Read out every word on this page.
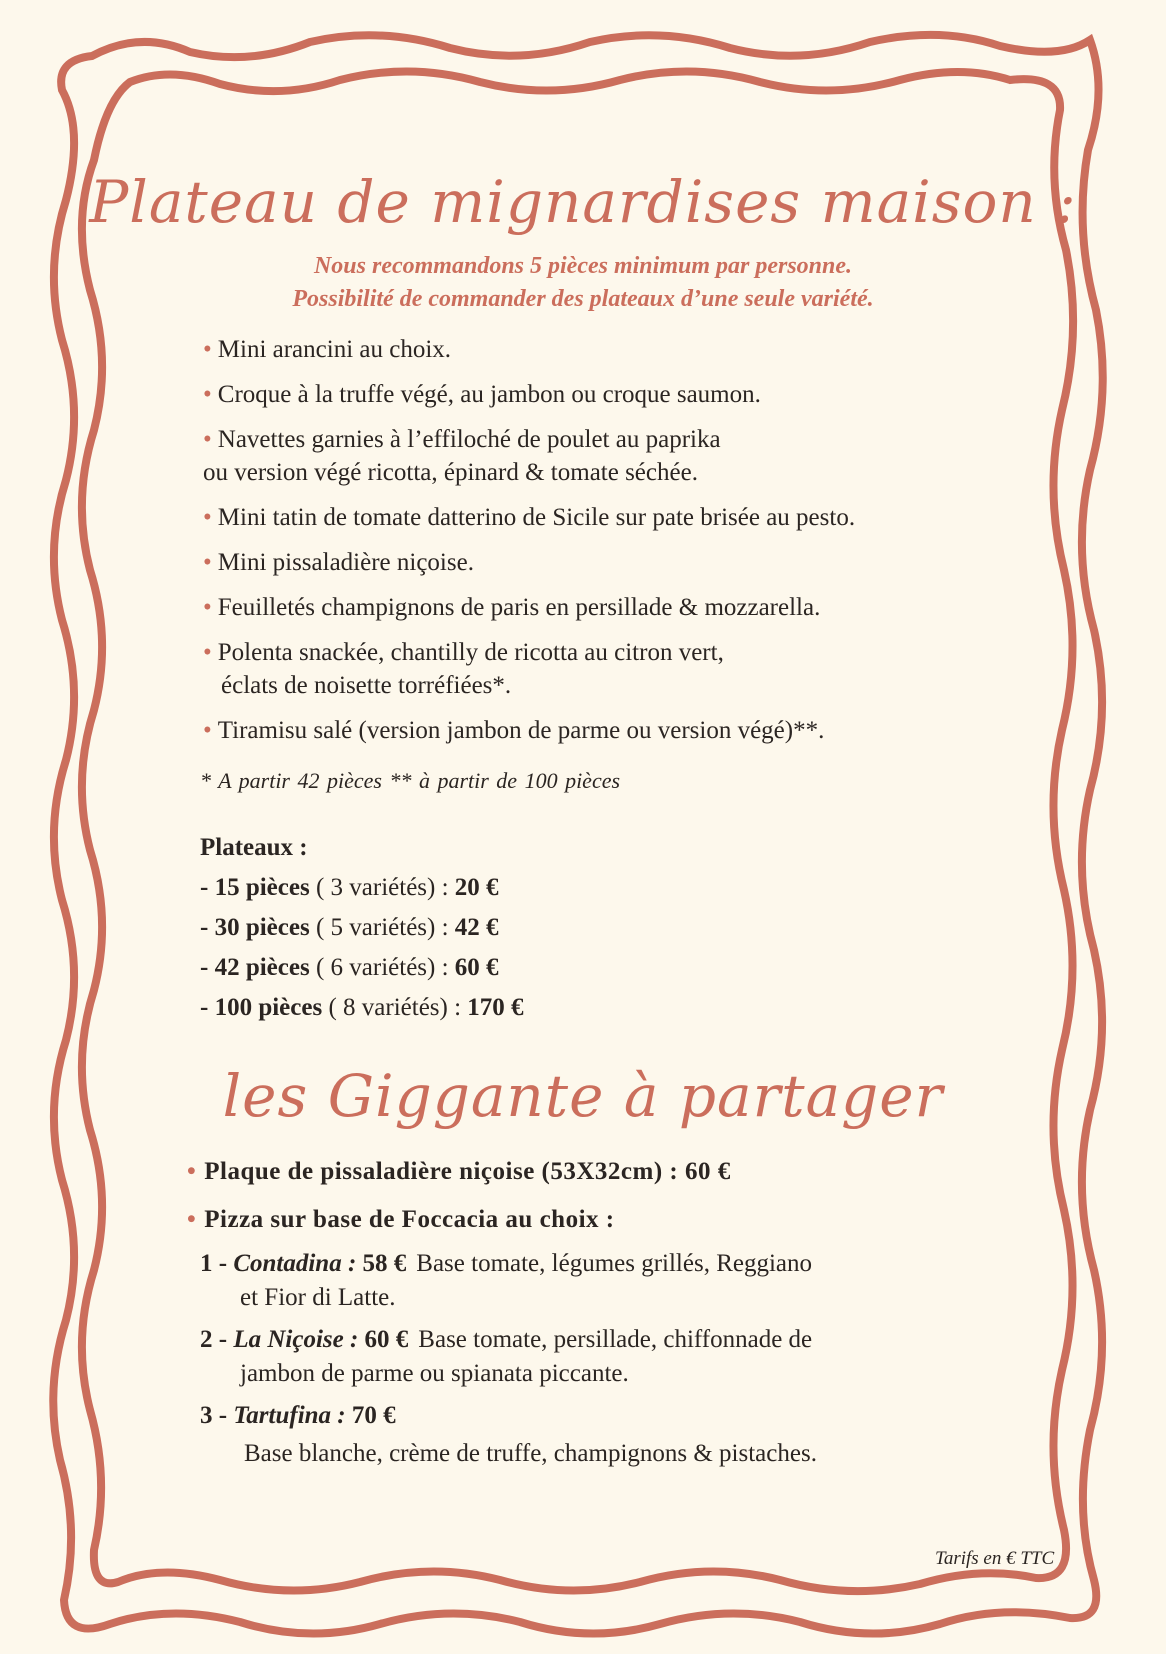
Plateau de mignardises maison :
Nous recommandons 5 pièces minimum par personne.
Possibilité de commander des plateaux d’une seule variété.
• Mini arancini au choix.
• Croque à la truffe végé, au jambon ou croque saumon.
• Navettes garnies à l’effiloché de poulet au paprika
ou version végé ricotta, épinard & tomate séchée.
• Mini tatin de tomate datterino de Sicile sur pate brisée au pesto.
• Mini pissaladière niçoise.
• Feuilletés champignons de paris en persillade & mozzarella.
• Polenta snackée, chantilly de ricotta au citron vert,
éclats de noisette torréfiées*.
• Tiramisu salé (version jambon de parme ou version végé)**.
* A partir 42 pièces ** à partir de 100 pièces
Plateaux :
- 15 pièces ( 3 variétés) : 20 €
- 30 pièces ( 5 variétés) : 42 €
- 42 pièces ( 6 variétés) : 60 €
- 100 pièces ( 8 variétés) : 170 €
les Giggante à partager
• Plaque de pissaladière niçoise (53X32cm) : 60 €
• Pizza sur base de Foccacia au choix :
1 - Contadina : 58 € Base tomate, légumes grillés, Reggiano
et Fior di Latte.
2 - La Niçoise : 60 € Base tomate, persillade, chiffonnade de
jambon de parme ou spianata piccante.
3 - Tartufina : 70 €
Base blanche, crème de truffe, champignons & pistaches.
Tarifs en € TTC
